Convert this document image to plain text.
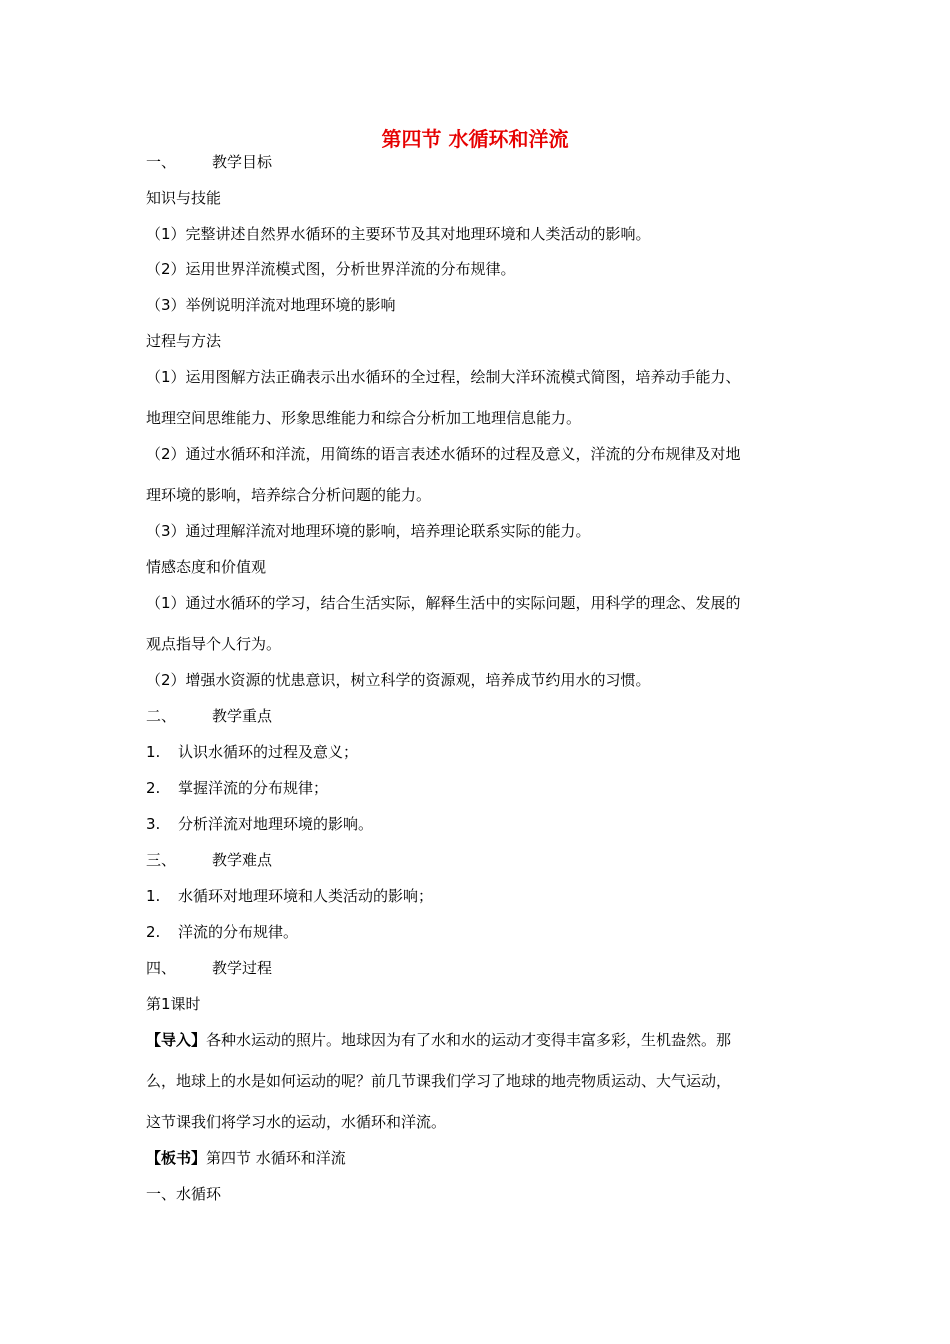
第四节 水循环和洋流
一、 教学目标
知识与技能
（1）完整讲述自然界水循环的主要环节及其对地理环境和人类活动的影响。
（2）运用世界洋流模式图，分析世界洋流的分布规律。
（3）举例说明洋流对地理环境的影响
过程与方法
（1）运用图解方法正确表示出水循环的全过程，绘制大洋环流模式简图，培养动手能力、
地理空间思维能力、形象思维能力和综合分析加工地理信息能力。
（2）通过水循环和洋流，用简练的语言表述水循环的过程及意义，洋流的分布规律及对地
理环境的影响，培养综合分析问题的能力。
（3）通过理解洋流对地理环境的影响，培养理论联系实际的能力。
情感态度和价值观
（1）通过水循环的学习，结合生活实际，解释生活中的实际问题，用科学的理念、发展的
观点指导个人行为。
（2）增强水资源的忧患意识，树立科学的资源观，培养成节约用水的习惯。
二、 教学重点
1. 认识水循环的过程及意义；
2. 掌握洋流的分布规律；
3. 分析洋流对地理环境的影响。
三、 教学难点
1. 水循环对地理环境和人类活动的影响；
2. 洋流的分布规律。
四、 教学过程
第1课时
【导入】各种水运动的照片。地球因为有了水和水的运动才变得丰富多彩，生机盎然。那
么，地球上的水是如何运动的呢？前几节课我们学习了地球的地壳物质运动、大气运动，
这节课我们将学习水的运动，水循环和洋流。
【板书】第四节 水循环和洋流
一、水循环
